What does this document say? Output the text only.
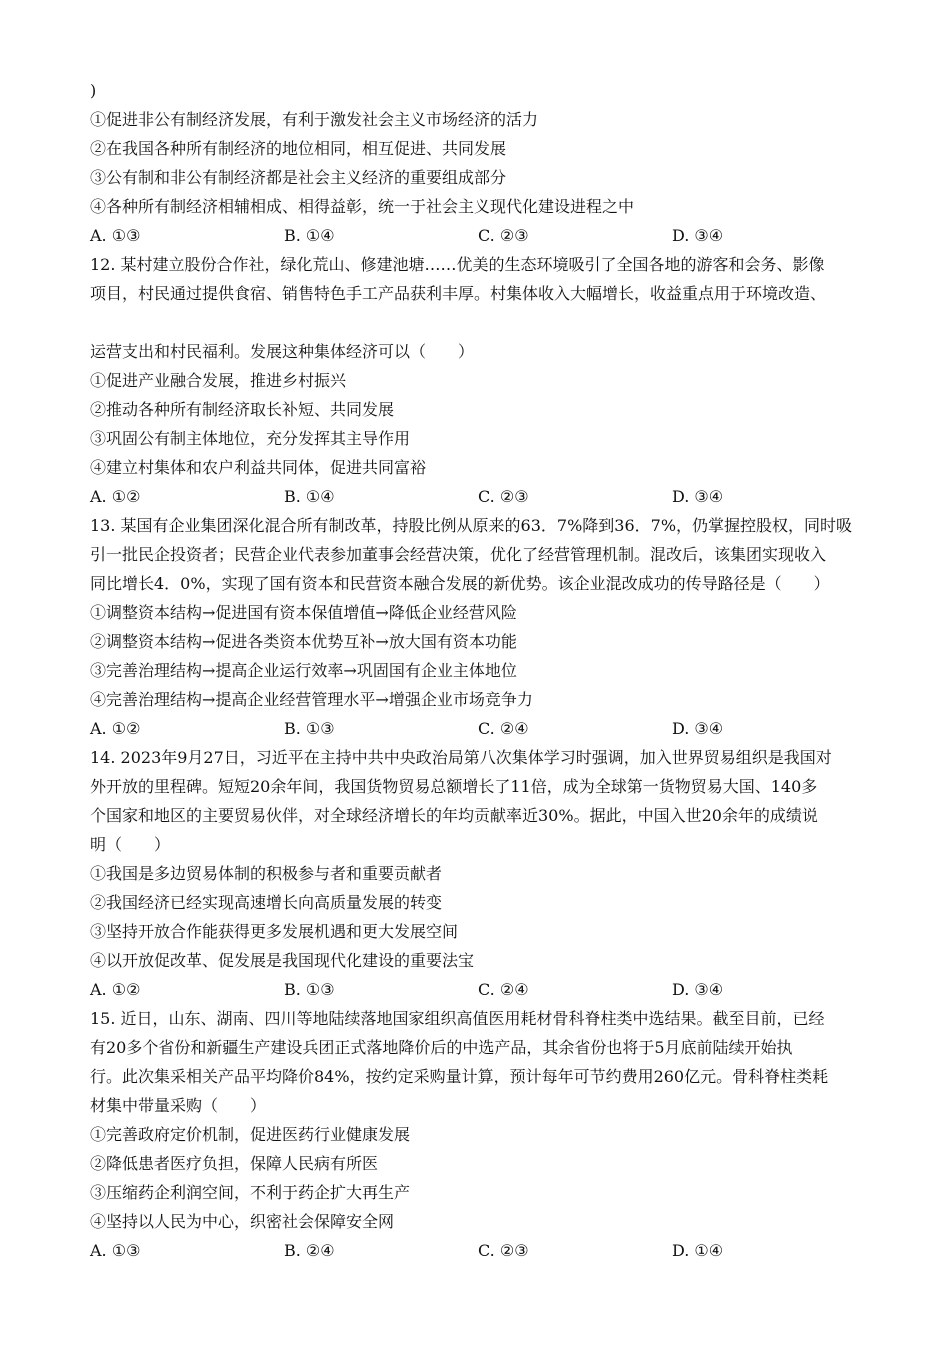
)
①促进非公有制经济发展，有利于激发社会主义市场经济的活力
②在我国各种所有制经济的地位相同，相互促进、共同发展
③公有制和非公有制经济都是社会主义经济的重要组成部分
④各种所有制经济相辅相成、相得益彰，统一于社会主义现代化建设进程之中
A. ①③	B. ①④	C. ②③	D. ③④
12. 某村建立股份合作社，绿化荒山、修建池塘……优美的生态环境吸引了全国各地的游客和会务、影像
项目，村民通过提供食宿、销售特色手工产品获利丰厚。村集体收入大幅增长，收益重点用于环境改造、
运营支出和村民福利。发展这种集体经济可以（　　）
①促进产业融合发展，推进乡村振兴
②推动各种所有制经济取长补短、共同发展
③巩固公有制主体地位，充分发挥其主导作用
④建立村集体和农户利益共同体，促进共同富裕
A. ①②	B. ①④	C. ②③	D. ③④
13. 某国有企业集团深化混合所有制改革，持股比例从原来的63．7%降到36．7%，仍掌握控股权，同时吸
引一批民企投资者；民营企业代表参加董事会经营决策，优化了经营管理机制。混改后，该集团实现收入
同比增长4．0%，实现了国有资本和民营资本融合发展的新优势。该企业混改成功的传导路径是（　　）
①调整资本结构→促进国有资本保值增值→降低企业经营风险
②调整资本结构→促进各类资本优势互补→放大国有资本功能
③完善治理结构→提高企业运行效率→巩固国有企业主体地位
④完善治理结构→提高企业经营管理水平→增强企业市场竞争力
A. ①②	B. ①③	C. ②④	D. ③④
14. 2023年9月27日，习近平在主持中共中央政治局第八次集体学习时强调，加入世界贸易组织是我国对
外开放的里程碑。短短20余年间，我国货物贸易总额增长了11倍，成为全球第一货物贸易大国、140多
个国家和地区的主要贸易伙伴，对全球经济增长的年均贡献率近30%。据此，中国入世20余年的成绩说
明（　　）
①我国是多边贸易体制的积极参与者和重要贡献者
②我国经济已经实现高速增长向高质量发展的转变
③坚持开放合作能获得更多发展机遇和更大发展空间
④以开放促改革、促发展是我国现代化建设的重要法宝
A. ①②	B. ①③	C. ②④	D. ③④
15. 近日，山东、湖南、四川等地陆续落地国家组织高值医用耗材骨科脊柱类中选结果。截至目前，已经
有20多个省份和新疆生产建设兵团正式落地降价后的中选产品，其余省份也将于5月底前陆续开始执
行。此次集采相关产品平均降价84%，按约定采购量计算，预计每年可节约费用260亿元。骨科脊柱类耗
材集中带量采购（　　）
①完善政府定价机制，促进医药行业健康发展
②降低患者医疗负担，保障人民病有所医
③压缩药企利润空间，不利于药企扩大再生产
④坚持以人民为中心，织密社会保障安全网
A. ①③	B. ②④	C. ②③	D. ①④
